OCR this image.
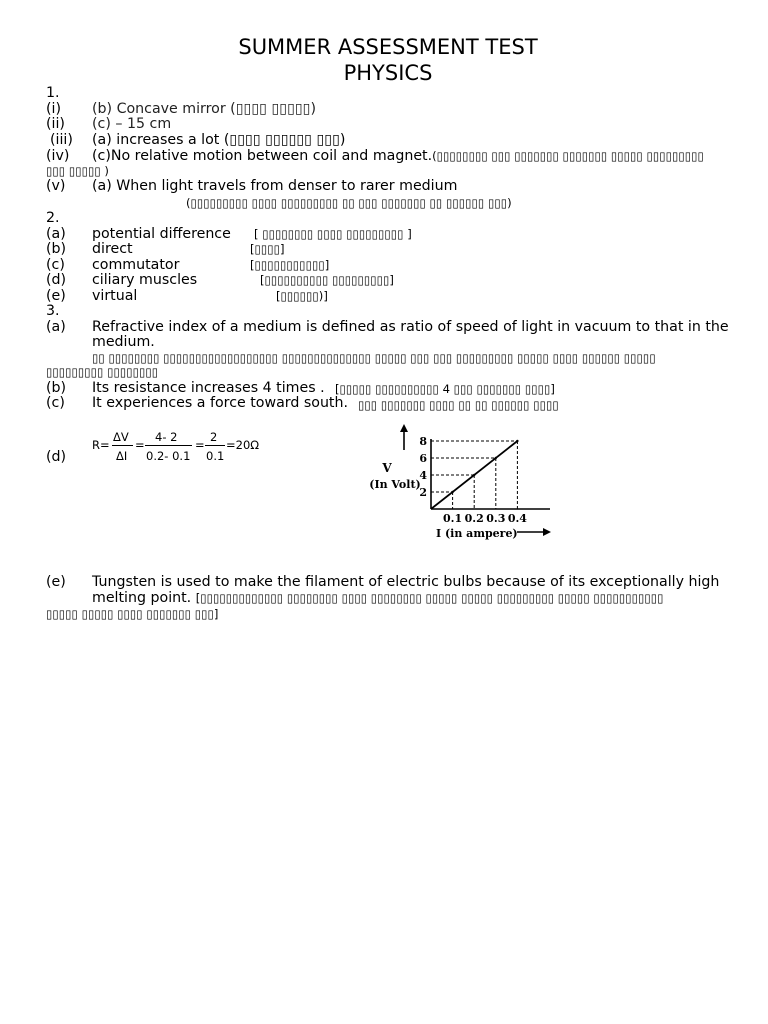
SUMMER ASSESSMENT TEST
PHYSICS
1.
(i) (b) Concave mirror (▯▯▯▯ ▯▯▯▯▯)
(ii) (c) – 15 cm
(iii) (a) increases a lot (▯▯▯▯ ▯▯▯▯▯▯ ▯▯▯)
(iv) (c)No relative motion between coil and magnet.(▯▯▯▯▯▯▯▯ ▯▯▯ ▯▯▯▯▯▯▯ ▯▯▯▯▯▯▯ ▯▯▯▯▯ ▯▯▯▯▯▯▯▯▯
▯▯▯ ▯▯▯▯▯ )
(v) (a) When light travels from denser to rarer medium
(▯▯▯▯▯▯▯▯▯ ▯▯▯▯ ▯▯▯▯▯▯▯▯▯ ▯▯ ▯▯▯ ▯▯▯▯▯▯▯ ▯▯ ▯▯▯▯▯▯ ▯▯▯)
2.
(a) potential difference [ ▯▯▯▯▯▯▯▯ ▯▯▯▯ ▯▯▯▯▯▯▯▯▯ ]
(b) direct	[▯▯▯▯]
(c) commutator	[▯▯▯▯▯▯▯▯▯▯▯]
(d) ciliary muscles	[▯▯▯▯▯▯▯▯▯▯ ▯▯▯▯▯▯▯▯▯]
(e) virtual	[▯▯▯▯▯▯)]
3.
(a) Refractive index of a medium is defined as ratio of speed of light in vacuum to that in the
medium.
▯▯ ▯▯▯▯▯▯▯▯ ▯▯▯▯▯▯▯▯▯▯▯▯▯▯▯▯▯▯ ▯▯▯▯▯▯▯▯▯▯▯▯▯▯ ▯▯▯▯▯ ▯▯▯ ▯▯▯ ▯▯▯▯▯▯▯▯▯ ▯▯▯▯▯ ▯▯▯▯ ▯▯▯▯▯▯ ▯▯▯▯▯
▯▯▯▯▯▯▯▯▯ ▯▯▯▯▯▯▯▯
(b) Its resistance increases 4 times . [▯▯▯▯▯ ▯▯▯▯▯▯▯▯▯▯ 4 ▯▯▯ ▯▯▯▯▯▯▯ ▯▯▯▯]
(c) It experiences a force toward south. ▯▯▯ ▯▯▯▯▯▯▯ ▯▯▯▯ ▯▯ ▯▯ ▯▯▯▯▯▯ ▯▯▯▯
(d)
R=
ΔV
ΔI
=
4- 2
0.2- 0.1
=
2
0.1
=20Ω
V
(In Volt)
0.1 0.2 0.3 0.4
2
4
6
8
I (in ampere)
(e) Tungsten is used to make the filament of electric bulbs because of its exceptionally high
melting point. [▯▯▯▯▯▯▯▯▯▯▯▯▯ ▯▯▯▯▯▯▯▯ ▯▯▯▯ ▯▯▯▯▯▯▯▯ ▯▯▯▯▯ ▯▯▯▯▯ ▯▯▯▯▯▯▯▯▯ ▯▯▯▯▯ ▯▯▯▯▯▯▯▯▯▯▯
▯▯▯▯▯ ▯▯▯▯▯ ▯▯▯▯ ▯▯▯▯▯▯▯ ▯▯▯]
